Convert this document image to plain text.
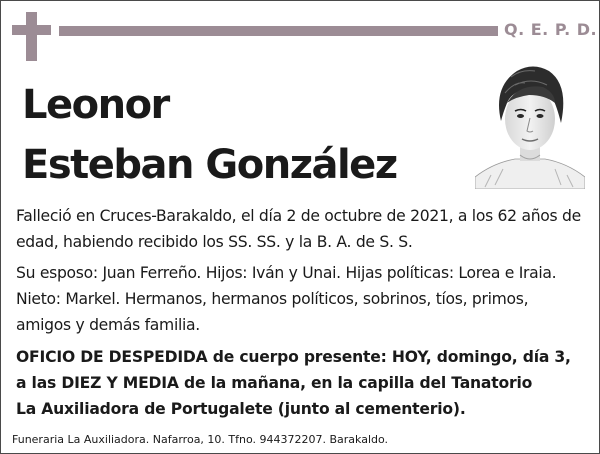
Q. E. P. D.
Leonor
Esteban González
Falleció en Cruces-Barakaldo, el día 2 de octubre de 2021, a los 62 años de
edad, habiendo recibido los SS. SS. y la B. A. de S. S.
Su esposo: Juan Ferreño. Hijos: Iván y Unai. Hijas políticas: Lorea e Iraia.
Nieto: Markel. Hermanos, hermanos políticos, sobrinos, tíos, primos,
amigos y demás familia.
OFICIO DE DESPEDIDA de cuerpo presente: HOY, domingo, día 3,
a las DIEZ Y MEDIA de la mañana, en la capilla del Tanatorio
La Auxiliadora de Portugalete (junto al cementerio).
Funeraria La Auxiliadora. Nafarroa, 10. Tfno. 944372207. Barakaldo.
